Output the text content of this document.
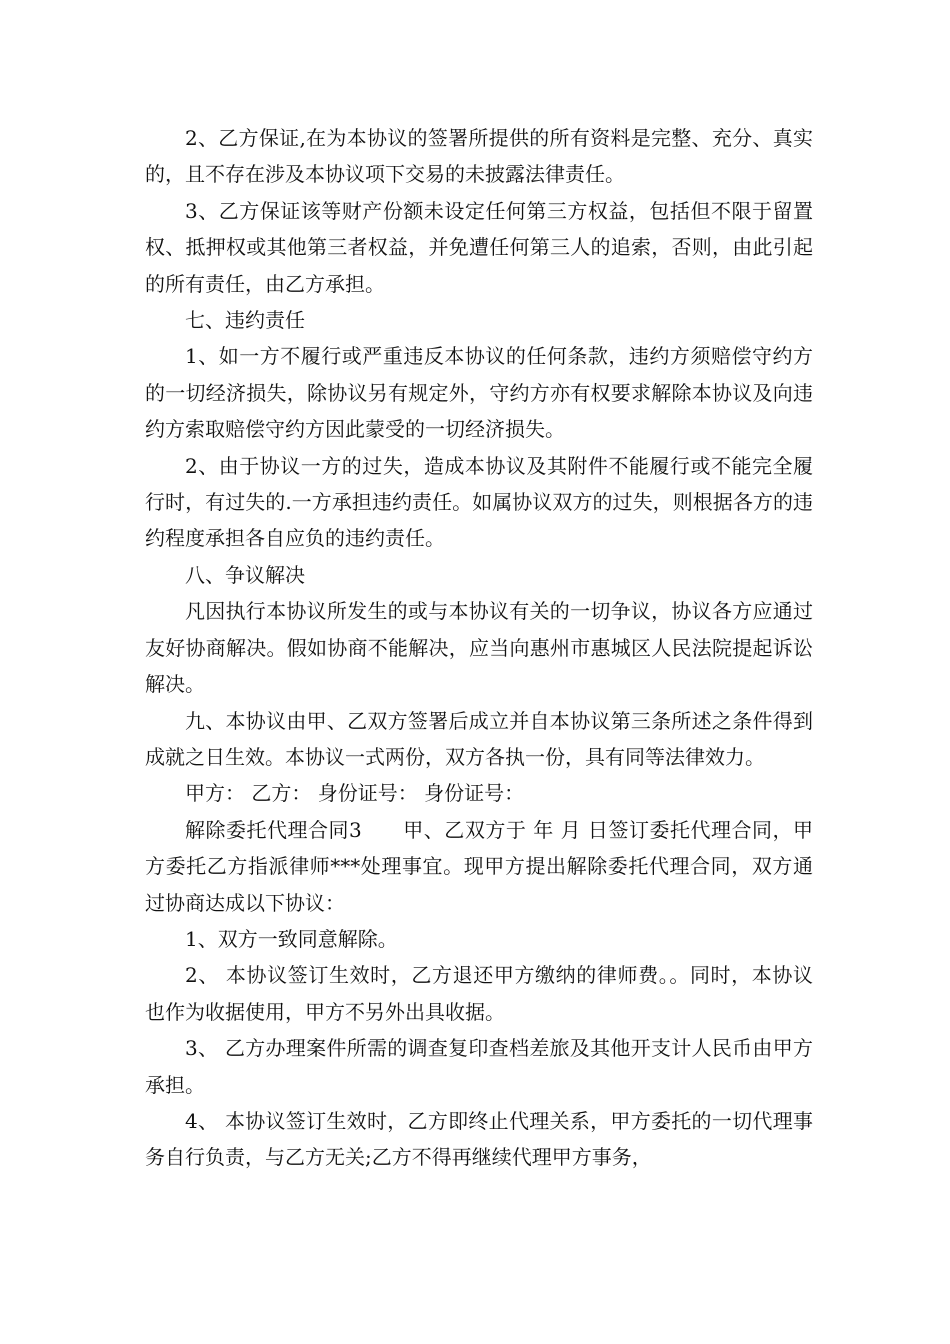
2、乙方保证,在为本协议的签署所提供的所有资料是完整、充分、真实的，且不存在涉及本协议项下交易的未披露法律责任。

3、乙方保证该等财产份额未设定任何第三方权益，包括但不限于留置权、抵押权或其他第三者权益，并免遭任何第三人的追索，否则，由此引起的所有责任，由乙方承担。

七、违约责任

1、如一方不履行或严重违反本协议的任何条款，违约方须赔偿守约方的一切经济损失，除协议另有规定外，守约方亦有权要求解除本协议及向违约方索取赔偿守约方因此蒙受的一切经济损失。

2、由于协议一方的过失，造成本协议及其附件不能履行或不能完全履行时，有过失的.一方承担违约责任。如属协议双方的过失，则根据各方的违约程度承担各自应负的违约责任。

八、争议解决

凡因执行本协议所发生的或与本协议有关的一切争议，协议各方应通过友好协商解决。假如协商不能解决，应当向惠州市惠城区人民法院提起诉讼解决。

九、本协议由甲、乙双方签署后成立并自本协议第三条所述之条件得到成就之日生效。本协议一式两份，双方各执一份，具有同等法律效力。

甲方： 乙方： 身份证号： 身份证号：

解除委托代理合同3　　甲、乙双方于 年 月 日签订委托代理合同，甲方委托乙方指派律师***处理事宜。现甲方提出解除委托代理合同，双方通过协商达成以下协议：

1、双方一致同意解除。

2、 本协议签订生效时，乙方退还甲方缴纳的律师费。。同时，本协议也作为收据使用，甲方不另外出具收据。

3、 乙方办理案件所需的调查复印查档差旅及其他开支计人民币由甲方承担。

4、 本协议签订生效时，乙方即终止代理关系，甲方委托的一切代理事务自行负责，与乙方无关;乙方不得再继续代理甲方事务，
